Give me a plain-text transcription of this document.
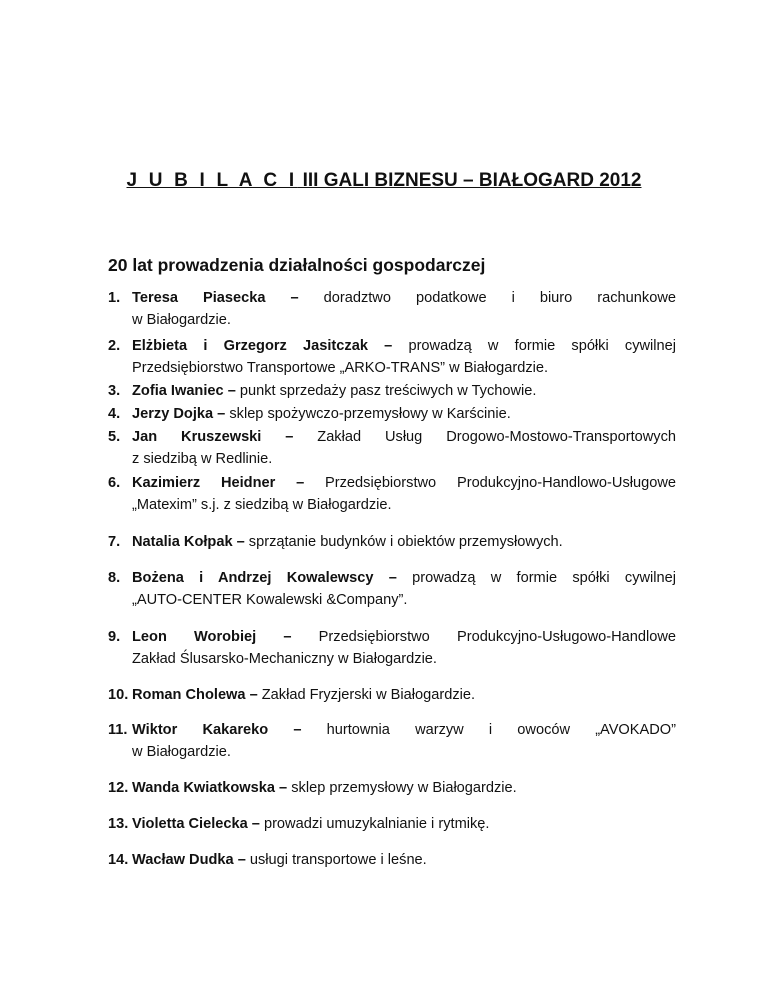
J U B I L A C I III GALI BIZNESU – BIAŁOGARD 2012
20 lat prowadzenia działalności gospodarczej
1. Teresa Piasecka – doradztwo podatkowe i biuro rachunkowe
w Białogardzie.
2. Elżbieta i Grzegorz Jasitczak – prowadzą w formie spółki cywilnej
Przedsiębiorstwo Transportowe „ARKO-TRANS” w Białogardzie.
3. Zofia Iwaniec – punkt sprzedaży pasz treściwych w Tychowie.
4. Jerzy Dojka – sklep spożywczo-przemysłowy w Karścinie.
5. Jan Kruszewski – Zakład Usług Drogowo-Mostowo-Transportowych
z siedzibą w Redlinie.
6. Kazimierz Heidner – Przedsiębiorstwo Produkcyjno-Handlowo-Usługowe
„Matexim” s.j. z siedzibą w Białogardzie.
7. Natalia Kołpak – sprzątanie budynków i obiektów przemysłowych.
8. Bożena i Andrzej Kowalewscy – prowadzą w formie spółki cywilnej
„AUTO-CENTER Kowalewski &Company”.
9. Leon Worobiej – Przedsiębiorstwo Produkcyjno-Usługowo-Handlowe
Zakład Ślusarsko-Mechaniczny w Białogardzie.
10. Roman Cholewa – Zakład Fryzjerski w Białogardzie.
11. Wiktor Kakareko – hurtownia warzyw i owoców „AVOKADO”
w Białogardzie.
12. Wanda Kwiatkowska – sklep przemysłowy w Białogardzie.
13. Violetta Cielecka – prowadzi umuzykalnianie i rytmikę.
14. Wacław Dudka – usługi transportowe i leśne.
